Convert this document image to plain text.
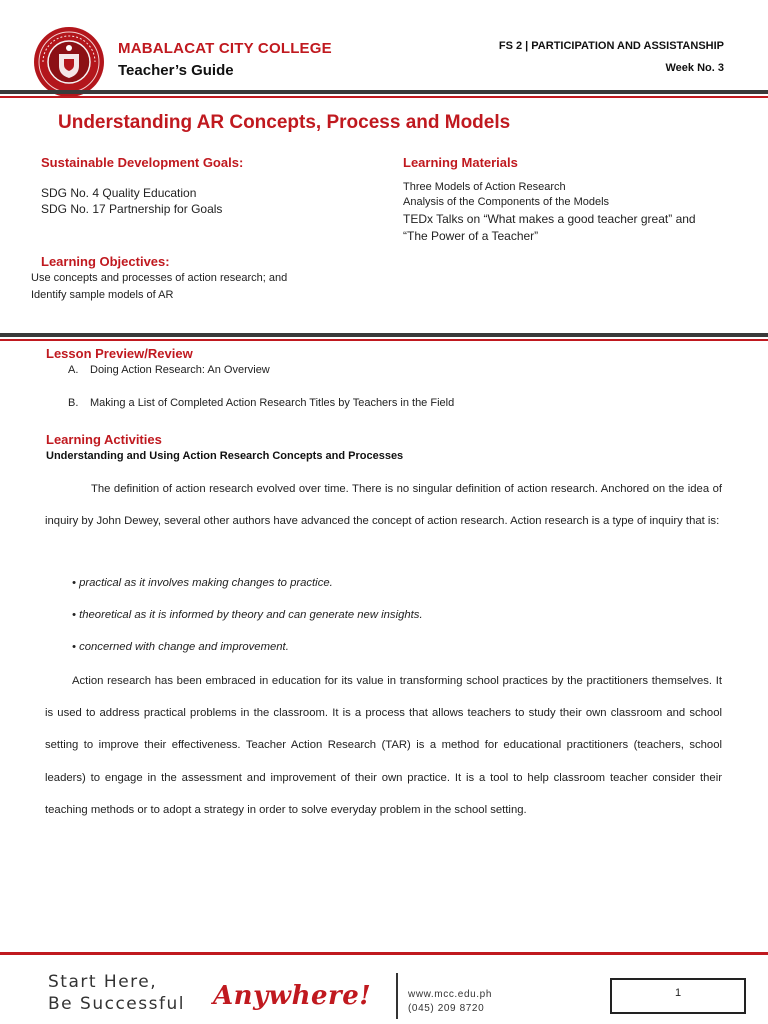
MABALACAT CITY COLLEGE
Teacher’s Guide
FS 2 | PARTICIPATION AND ASSISTANSHIP
Week No. 3
Understanding AR Concepts, Process and Models
Sustainable Development Goals:
SDG No. 4 Quality Education
SDG No. 17 Partnership for Goals
Learning Materials
Three Models of Action Research
Analysis of the Components of the Models
TEDx Talks on “What makes a good teacher great” and
“The Power of a Teacher”
Learning Objectives:
Use concepts and processes of action research; and
Identify sample models of AR
Lesson Preview/Review
A. Doing Action Research: An Overview
B. Making a List of Completed Action Research Titles by Teachers in the Field
Learning Activities
Understanding and Using Action Research Concepts and Processes
The definition of action research evolved over time. There is no singular definition of action research. Anchored on the idea of inquiry by John Dewey, several other authors have advanced the concept of action research. Action research is a type of inquiry that is:
• practical as it involves making changes to practice.
• theoretical as it is informed by theory and can generate new insights.
• concerned with change and improvement.
Action research has been embraced in education for its value in transforming school practices by the practitioners themselves. It is used to address practical problems in the classroom. It is a process that allows teachers to study their own classroom and school setting to improve their effectiveness. Teacher Action Research (TAR) is a method for educational practitioners (teachers, school leaders) to engage in the assessment and improvement of their own practice. It is a tool to help classroom teacher consider their teaching methods or to adopt a strategy in order to solve everyday problem in the school setting.
Start Here,
Be Successful Anywhere!	www.mcc.edu.ph
(045) 209 8720
1
